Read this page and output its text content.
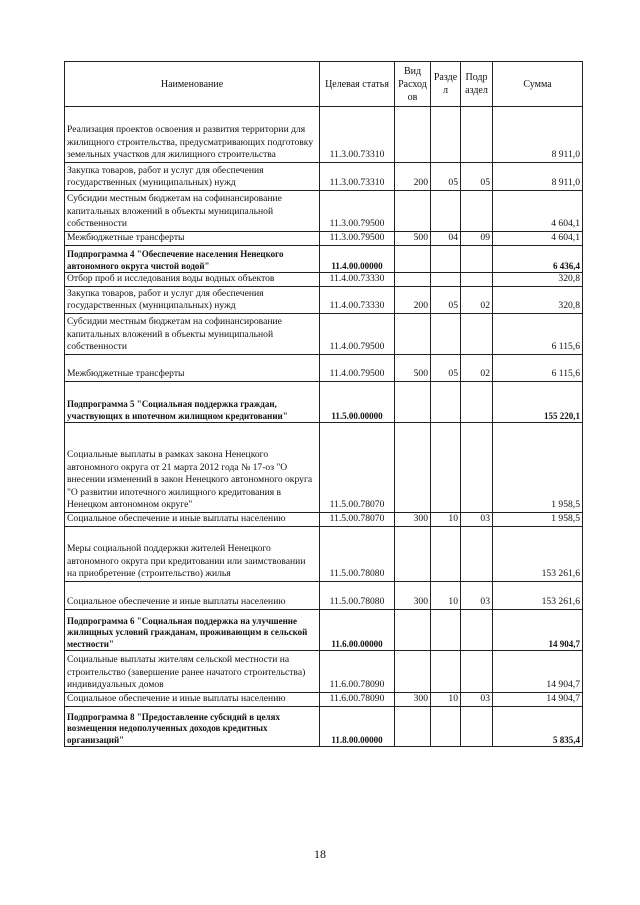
Наименование	Целевая статья	Вид Расход ов	Разде л	Подр аздел	Сумма
Реализация проектов освоения и развития территории для жилищного строительства, предусматривающих подготовку земельных участков для жилищного строительства	11.3.00.73310				8 911,0
Закупка товаров, работ и услуг для обеспечения государственных (муниципальных) нужд	11.3.00.73310	200	05	05	8 911,0
Субсидии местным бюджетам на софинансирование капитальных вложений в объекты муниципальной собственности	11.3.00.79500				4 604,1
Межбюджетные трансферты	11.3.00.79500	500	04	09	4 604,1
Подпрограмма 4 "Обеспечение населения Ненецкого автономного округа чистой водой"	11.4.00.00000				6 436,4
Отбор проб и исследования воды водных объектов	11.4.00.73330				320,8
Закупка товаров, работ и услуг для обеспечения государственных (муниципальных) нужд	11.4.00.73330	200	05	02	320,8
Субсидии местным бюджетам на софинансирование капитальных вложений в объекты муниципальной собственности	11.4.00.79500				6 115,6
Межбюджетные трансферты	11.4.00.79500	500	05	02	6 115,6
Подпрограмма 5 "Социальная поддержка граждан, участвующих в ипотечном жилищном кредитовании"	11.5.00.00000				155 220,1
Социальные выплаты в рамках закона Ненецкого автономного округа от 21 марта 2012 года № 17-оз "О внесении изменений в закон Ненецкого автономного округа "О развитии ипотечного жилищного кредитования в Ненецком автономном округе"	11.5.00.78070				1 958,5
Социальное обеспечение и иные выплаты населению	11.5.00.78070	300	10	03	1 958,5
Меры социальной поддержки жителей Ненецкого автономного округа при кредитовании или заимствовании на приобретение (строительство) жилья	11.5.00.78080				153 261,6
Социальное обеспечение и иные выплаты населению	11.5.00.78080	300	10	03	153 261,6
Подпрограмма 6 "Социальная поддержка на улучшение жилищных условий гражданам, проживающим в сельской местности"	11.6.00.00000				14 904,7
Социальные выплаты жителям сельской местности на строительство (завершение ранее начатого строительства) индивидуальных домов	11.6.00.78090				14 904,7
Социальное обеспечение и иные выплаты населению	11.6.00.78090	300	10	03	14 904,7
Подпрограмма 8 "Предоставление субсидий в целях возмещения недополученных доходов кредитных организаций"	11.8.00.00000				5 835,4
18
